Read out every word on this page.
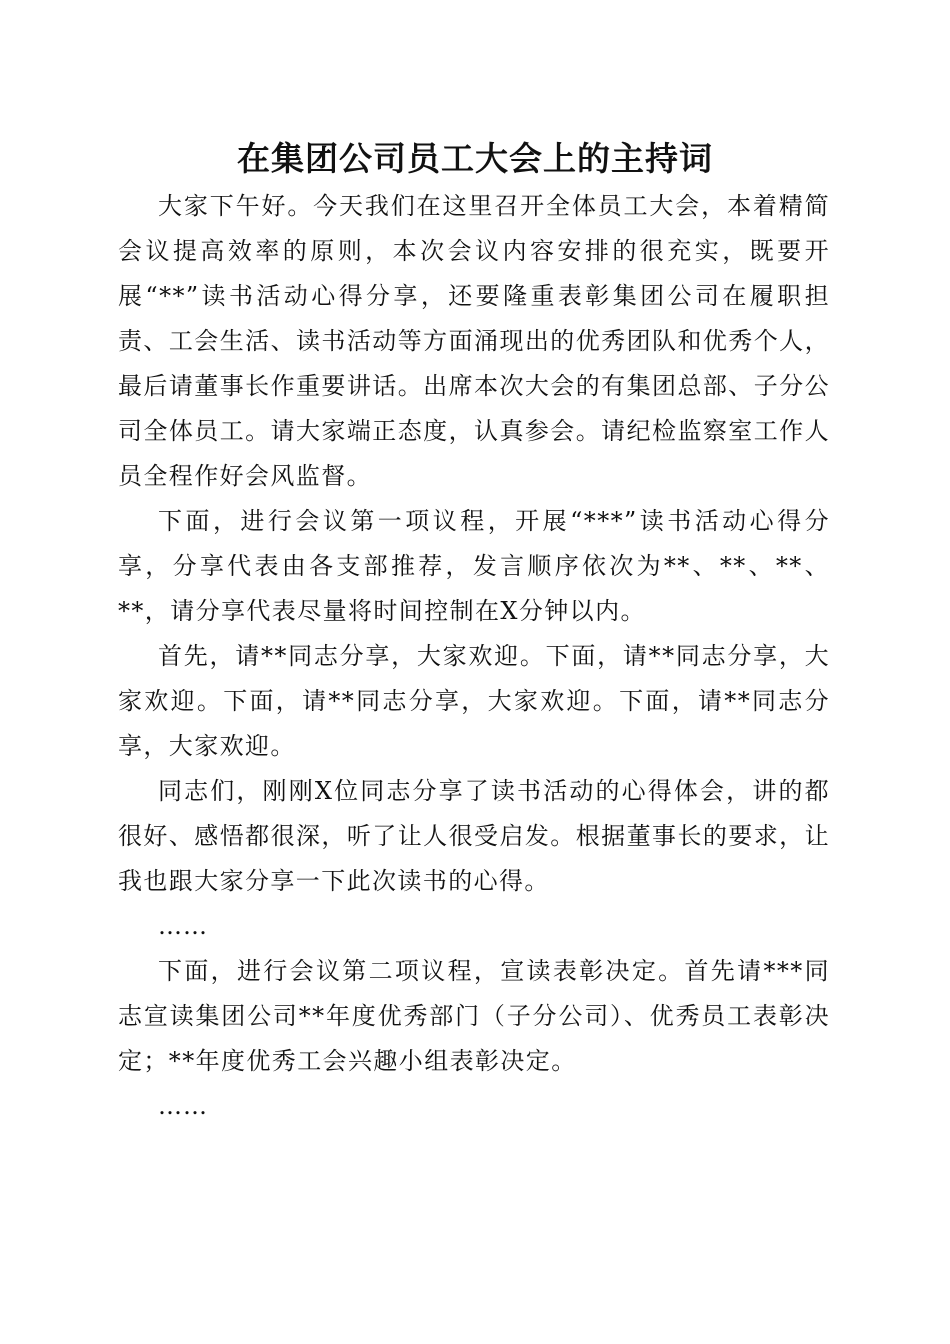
在集团公司员工大会上的主持词

大家下午好。今天我们在这里召开全体员工大会，本着精简会议提高效率的原则，本次会议内容安排的很充实，既要开展“**”读书活动心得分享，还要隆重表彰集团公司在履职担责、工会生活、读书活动等方面涌现出的优秀团队和优秀个人，最后请董事长作重要讲话。出席本次大会的有集团总部、子分公司全体员工。请大家端正态度，认真参会。请纪检监察室工作人员全程作好会风监督。

下面，进行会议第一项议程，开展“***”读书活动心得分享，分享代表由各支部推荐，发言顺序依次为**、**、**、**，请分享代表尽量将时间控制在X分钟以内。

首先，请**同志分享，大家欢迎。下面，请**同志分享，大家欢迎。下面，请**同志分享，大家欢迎。下面，请**同志分享，大家欢迎。

同志们，刚刚X位同志分享了读书活动的心得体会，讲的都很好、感悟都很深，听了让人很受启发。根据董事长的要求，让我也跟大家分享一下此次读书的心得。

……

下面，进行会议第二项议程，宣读表彰决定。首先请***同志宣读集团公司**年度优秀部门（子分公司）、优秀员工表彰决定；**年度优秀工会兴趣小组表彰决定。

……
